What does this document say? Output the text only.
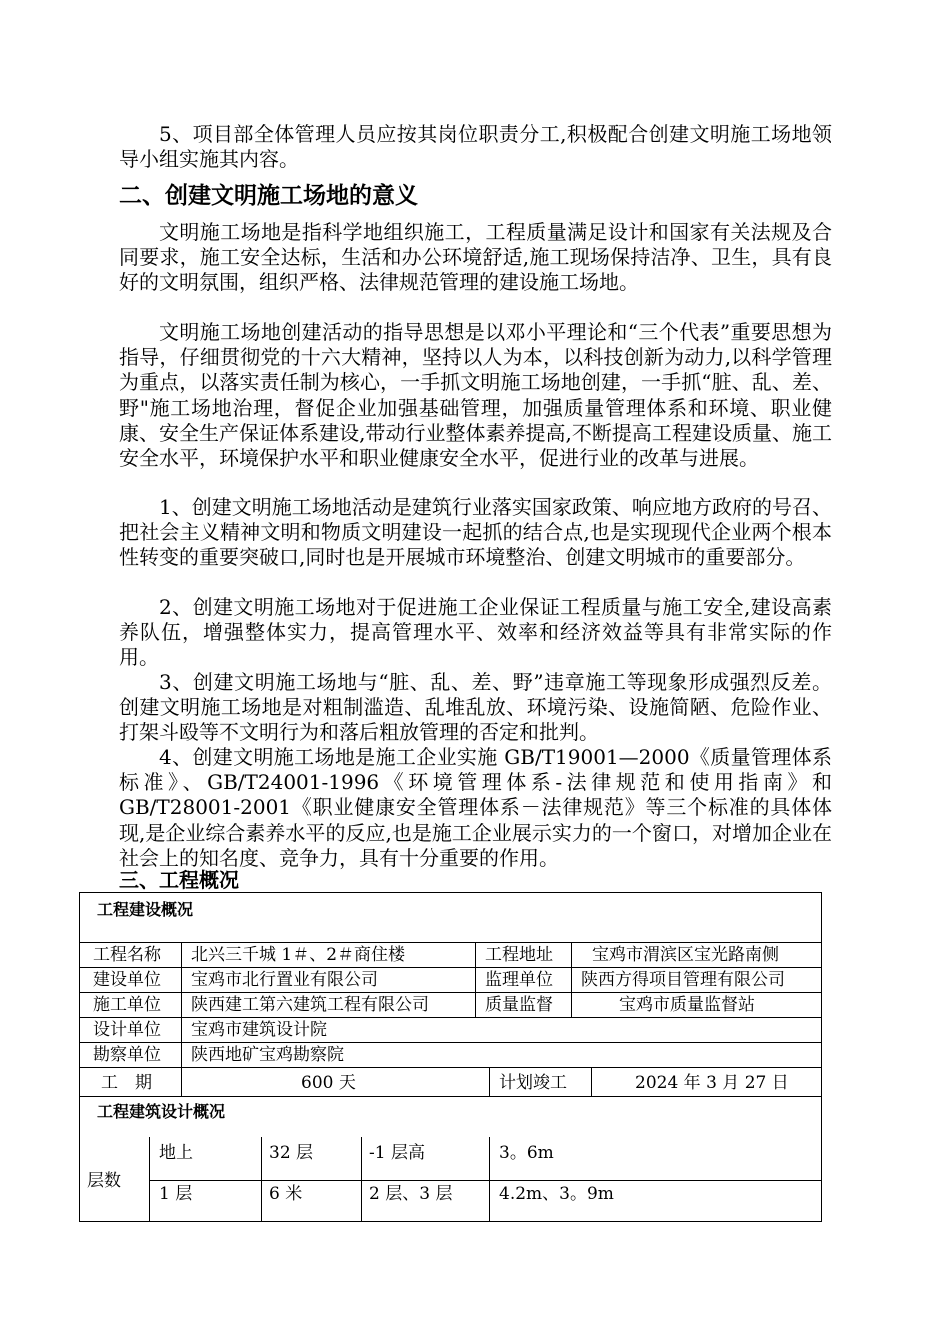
5、项目部全体管理人员应按其岗位职责分工,积极配合创建文明施工场地领导小组实施其内容。

二、创建文明施工场地的意义

文明施工场地是指科学地组织施工，工程质量满足设计和国家有关法规及合同要求，施工安全达标，生活和办公环境舒适,施工现场保持洁净、卫生，具有良好的文明氛围，组织严格、法律规范管理的建设施工场地。

文明施工场地创建活动的指导思想是以邓小平理论和“三个代表”重要思想为指导，仔细贯彻党的十六大精神，坚持以人为本，以科技创新为动力,以科学管理为重点，以落实责任制为核心，一手抓文明施工场地创建，一手抓“脏、乱、差、野"施工场地治理，督促企业加强基础管理，加强质量管理体系和环境、职业健康、安全生产保证体系建设,带动行业整体素养提高,不断提高工程建设质量、施工安全水平，环境保护水平和职业健康安全水平，促进行业的改革与进展。

1、创建文明施工场地活动是建筑行业落实国家政策、响应地方政府的号召、把社会主义精神文明和物质文明建设一起抓的结合点,也是实现现代企业两个根本性转变的重要突破口,同时也是开展城市环境整治、创建文明城市的重要部分。

2、创建文明施工场地对于促进施工企业保证工程质量与施工安全,建设高素养队伍，增强整体实力，提高管理水平、效率和经济效益等具有非常实际的作用。

3、创建文明施工场地与“脏、乱、差、野”违章施工等现象形成强烈反差。创建文明施工场地是对粗制滥造、乱堆乱放、环境污染、设施简陋、危险作业、打架斗殴等不文明行为和落后粗放管理的否定和批判。

4、创建文明施工场地是施工企业实施 GB/T19001—2000《质量管理体系标准》、GB/T24001-1996《环境管理体系-法律规范和使用指南》和GB/T28001-2001《职业健康安全管理体系－法律规范》等三个标准的具体体现,是企业综合素养水平的反应,也是施工企业展示实力的一个窗口，对增加企业在社会上的知名度、竞争力，具有十分重要的作用。

三、工程概况
工程建设概况
工程名称 北兴三千城 1＃、2＃商住楼	工程地址 宝鸡市渭滨区宝光路南侧
建设单位 宝鸡市北行置业有限公司	监理单位 陕西方得项目管理有限公司
施工单位 陕西建工第六建筑工程有限公司	质量监督	宝鸡市质量监督站
设计单位 宝鸡市建筑设计院
勘察单位 陕西地矿宝鸡勘察院
工　期	600 天	计划竣工	2024 年 3 月 27 日
工程建筑设计概况
层数
地上	32 层	-1 层高	3。6m
1 层	6 米	2 层、3 层	4.2m、3。9m
